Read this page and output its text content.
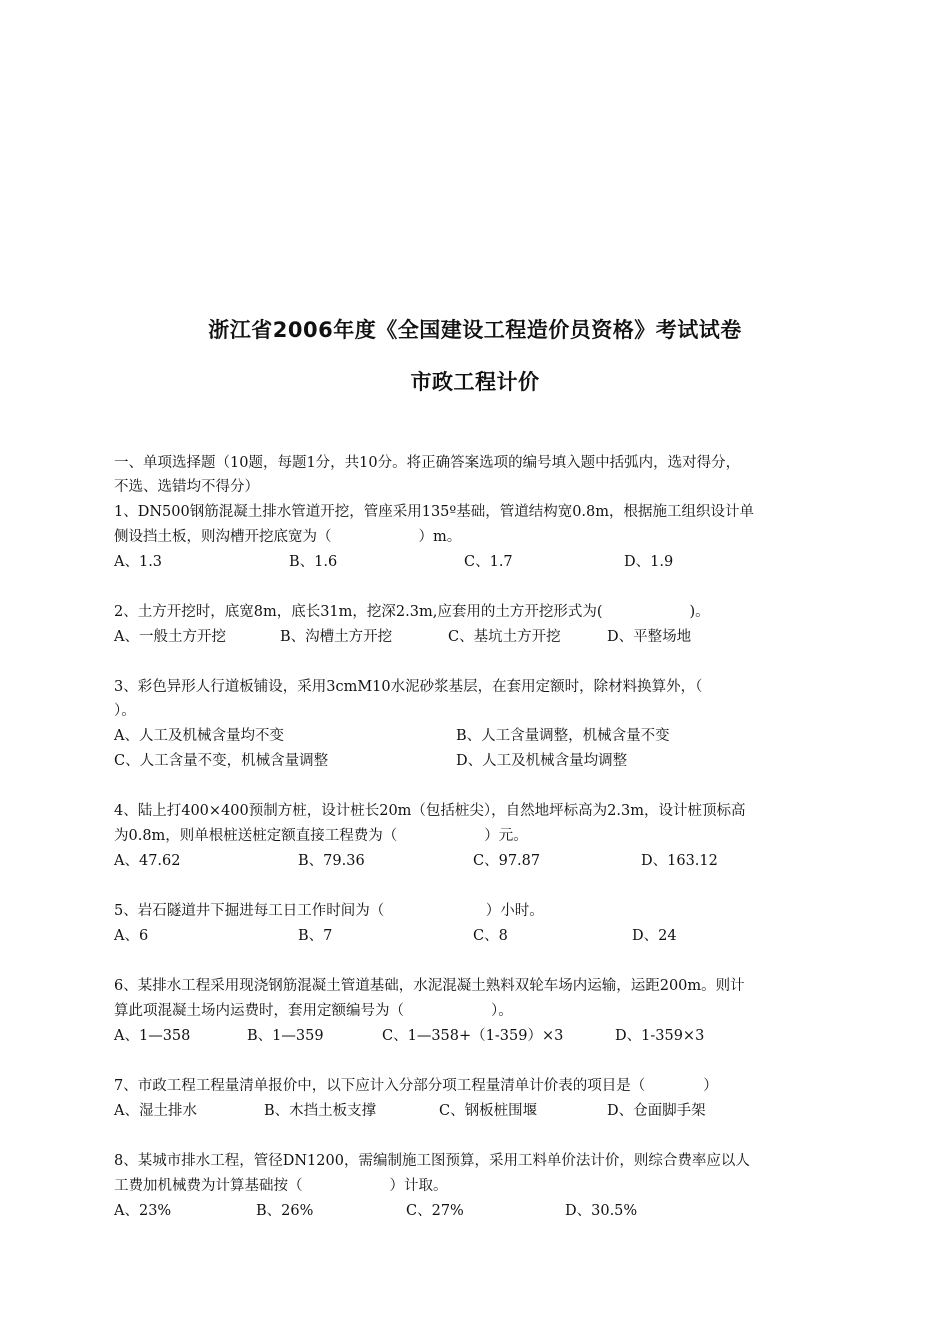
浙江省2006年度《全国建设工程造价员资格》考试试卷
市政工程计价
一、单项选择题（10题，每题1分，共10分。将正确答案选项的编号填入题中括弧内，选对得分，
不选、选错均不得分）
1、DN500钢筋混凝土排水管道开挖，管座采用135º基础，管道结构宽0.8m，根据施工组织设计单
侧设挡土板，则沟槽开挖底宽为（　　　　　　）m。
A、1.3	B、1.6	C、1.7	D、1.9
2、土方开挖时，底宽8m，底长31m，挖深2.3m,应套用的土方开挖形式为(　　　　　　)。
A、一般土方开挖	B、沟槽土方开挖	C、基坑土方开挖	D、平整场地
3、彩色异形人行道板铺设，采用3cmM10水泥砂浆基层，在套用定额时，除材料换算外，（
）。
A、人工及机械含量均不变	B、人工含量调整，机械含量不变
C、人工含量不变，机械含量调整	D、人工及机械含量均调整
4、陆上打400×400预制方桩，设计桩长20m（包括桩尖），自然地坪标高为2.3m，设计桩顶标高
为0.8m，则单根桩送桩定额直接工程费为（　　　　　　）元。
A、47.62	B、79.36	C、97.87	D、163.12
5、岩石隧道井下掘进每工日工作时间为（　　　　　　　）小时。
A、6	B、7	C、8	D、24
6、某排水工程采用现浇钢筋混凝土管道基础，水泥混凝土熟料双轮车场内运输，运距200m。则计
算此项混凝土场内运费时，套用定额编号为（　　　　　　）。
A、1—358	B、1—359	C、1—358+（1-359）×3	D、1-359×3
7、市政工程工程量清单报价中，以下应计入分部分项工程量清单计价表的项目是（　　　　）
A、湿土排水	B、木挡土板支撑	C、钢板桩围堰	D、仓面脚手架
8、某城市排水工程，管径DN1200，需编制施工图预算，采用工料单价法计价，则综合费率应以人
工费加机械费为计算基础按（　　　　　　）计取。
A、23%	B、26%	C、27%	D、30.5%
